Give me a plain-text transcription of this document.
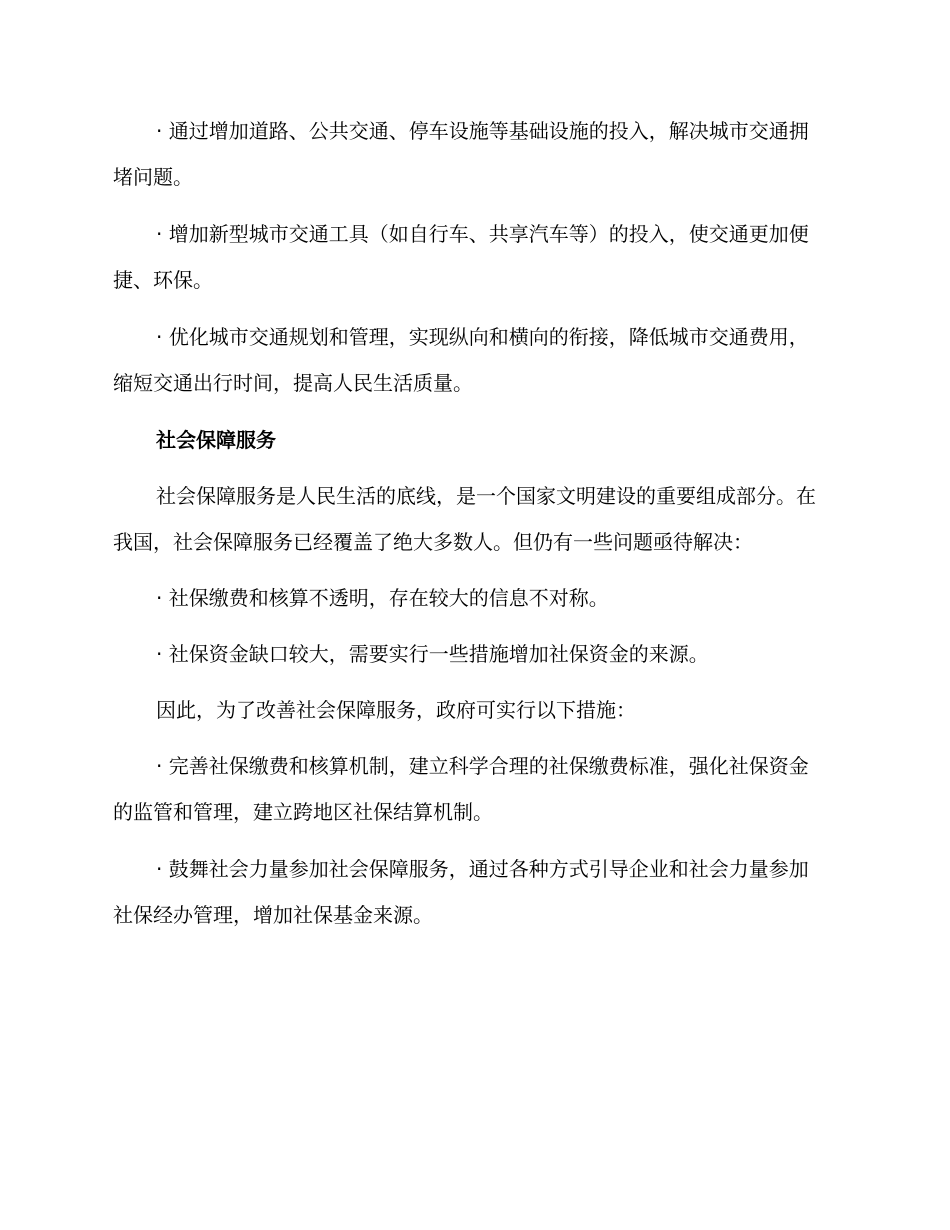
· 通过增加道路、公共交通、停车设施等基础设施的投入，解决城市交通拥堵问题。

· 增加新型城市交通工具（如自行车、共享汽车等）的投入，使交通更加便捷、环保。

· 优化城市交通规划和管理，实现纵向和横向的衔接，降低城市交通费用，缩短交通出行时间，提高人民生活质量。

社会保障服务

社会保障服务是人民生活的底线，是一个国家文明建设的重要组成部分。在我国，社会保障服务已经覆盖了绝大多数人。但仍有一些问题亟待解决：

· 社保缴费和核算不透明，存在较大的信息不对称。

· 社保资金缺口较大，需要实行一些措施增加社保资金的来源。

因此，为了改善社会保障服务，政府可实行以下措施：

· 完善社保缴费和核算机制，建立科学合理的社保缴费标准，强化社保资金的监管和管理，建立跨地区社保结算机制。

· 鼓舞社会力量参加社会保障服务，通过各种方式引导企业和社会力量参加社保经办管理，增加社保基金来源。
